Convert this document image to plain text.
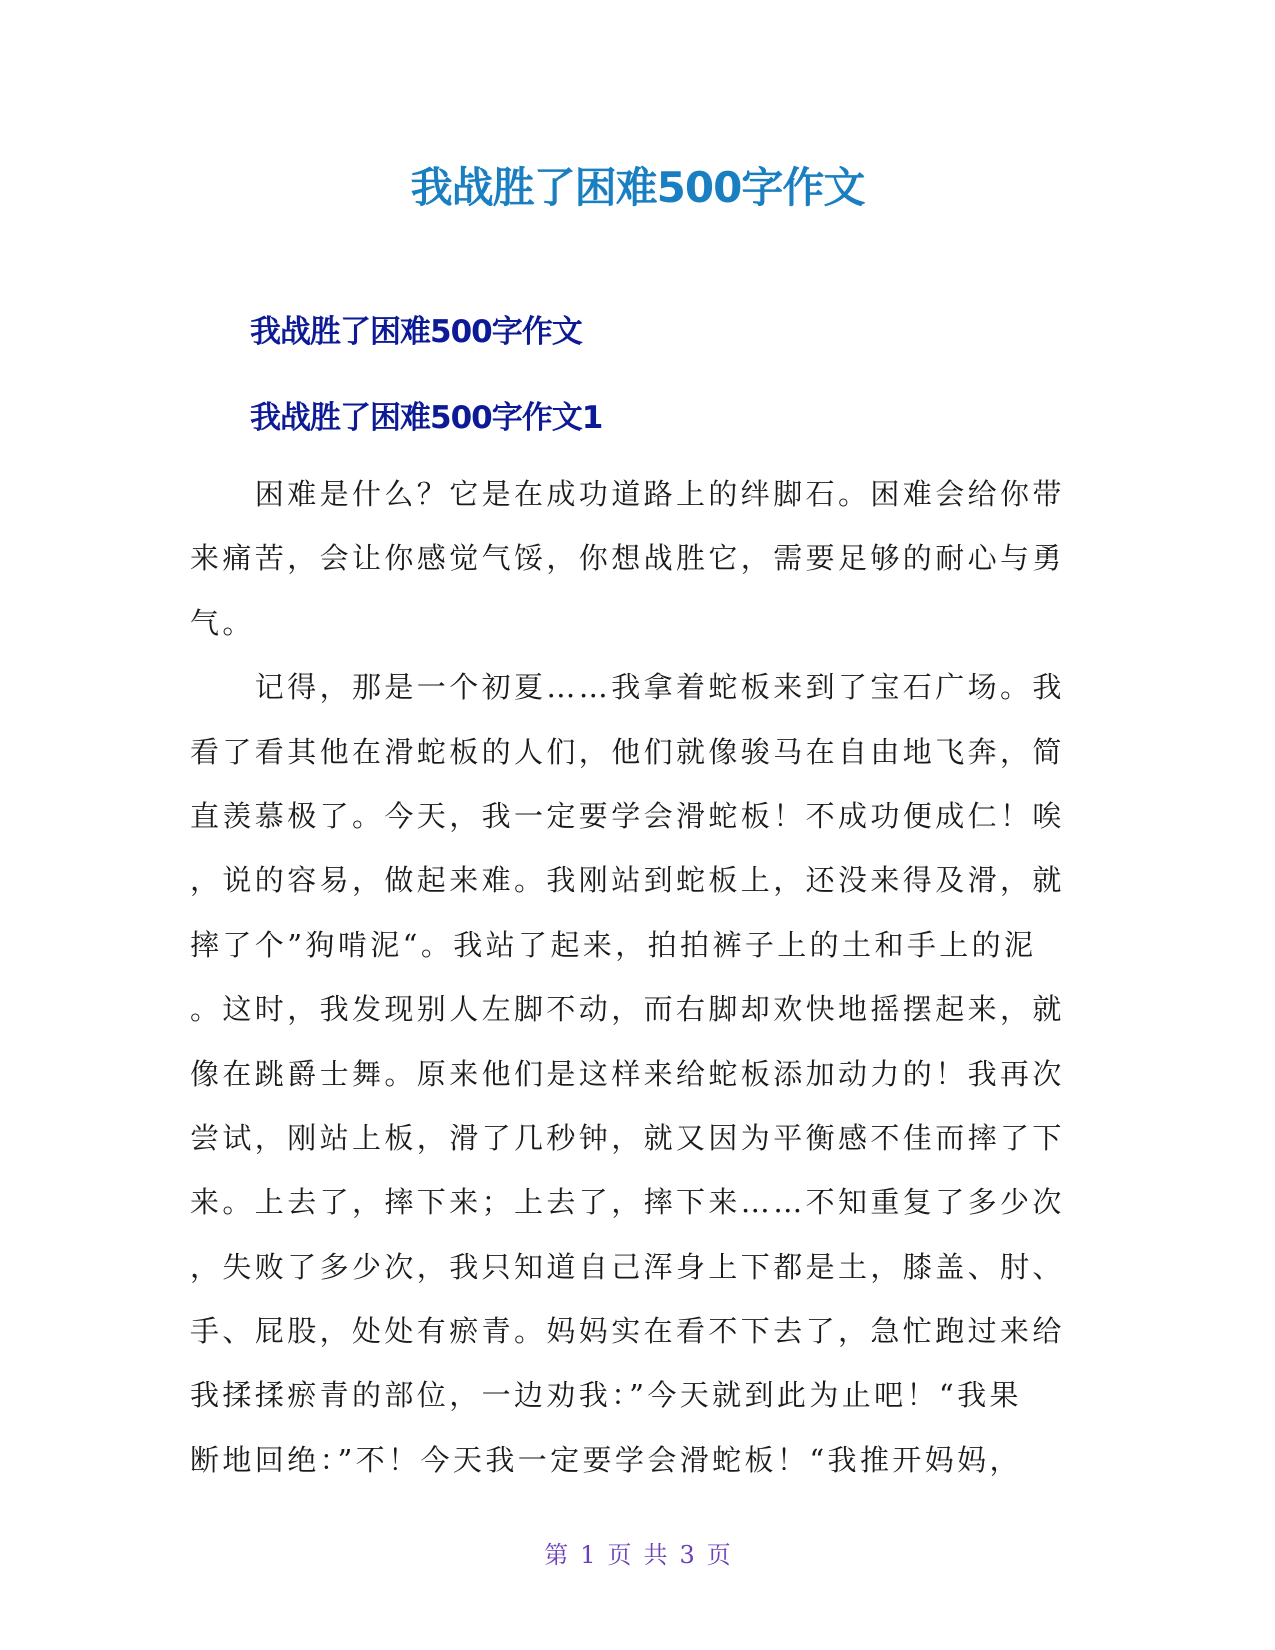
我战胜了困难500字作文
我战胜了困难500字作文
我战胜了困难500字作文1
　　困难是什么？它是在成功道路上的绊脚石。困难会给你带
来痛苦，会让你感觉气馁，你想战胜它，需要足够的耐心与勇
气。
　　记得，那是一个初夏……我拿着蛇板来到了宝石广场。我
看了看其他在滑蛇板的人们，他们就像骏马在自由地飞奔，简
直羡慕极了。今天，我一定要学会滑蛇板！不成功便成仁！唉
，说的容易，做起来难。我刚站到蛇板上，还没来得及滑，就
摔了个”狗啃泥“。我站了起来，拍拍裤子上的土和手上的泥
。这时，我发现别人左脚不动，而右脚却欢快地摇摆起来，就
像在跳爵士舞。原来他们是这样来给蛇板添加动力的！我再次
尝试，刚站上板，滑了几秒钟，就又因为平衡感不佳而摔了下
来。上去了，摔下来；上去了，摔下来……不知重复了多少次
，失败了多少次，我只知道自己浑身上下都是土，膝盖、肘、
手、屁股，处处有瘀青。妈妈实在看不下去了，急忙跑过来给
我揉揉瘀青的部位，一边劝我：”今天就到此为止吧！“我果
断地回绝：”不！今天我一定要学会滑蛇板！“我推开妈妈，
第 1 页 共 3 页
